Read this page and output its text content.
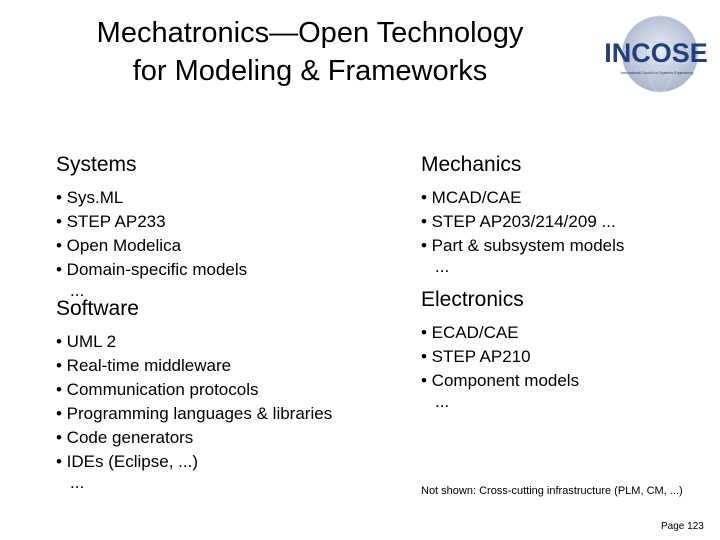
Mechatronics—Open Technology
for Modeling & Frameworks
INCOSE
International Council on Systems Engineering
Systems
• Sys.ML
• STEP AP233
• Open Modelica
• Domain-specific models
...
Software
• UML 2
• Real-time middleware
• Communication protocols
• Programming languages & libraries
• Code generators
• IDEs (Eclipse, ...)
...
Mechanics
• MCAD/CAE
• STEP AP203/214/209 ...
• Part & subsystem models
...
Electronics
• ECAD/CAE
• STEP AP210
• Component models
...
Not shown: Cross-cutting infrastructure (PLM, CM, ...)
Page 123
